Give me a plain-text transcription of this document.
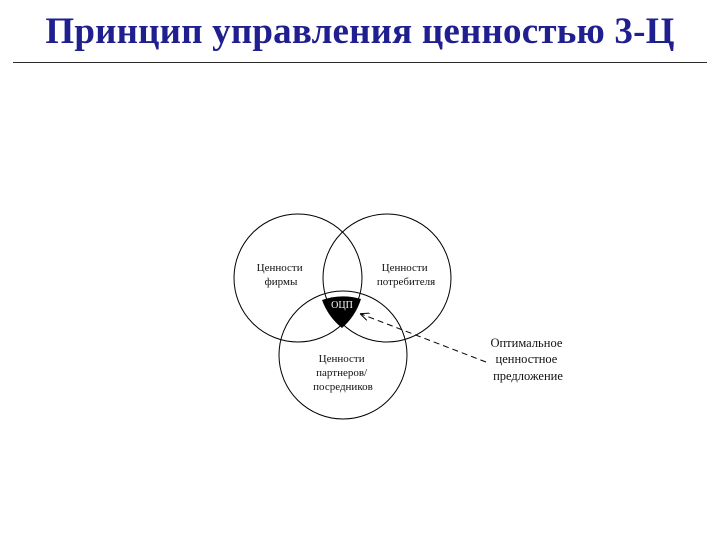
Принцип управления ценностью 3-Ц
Ценности фирмы
Ценности потребителя
Ценности партнеров/ посредников
ОЦП
Оптимальное ценностное предложение
